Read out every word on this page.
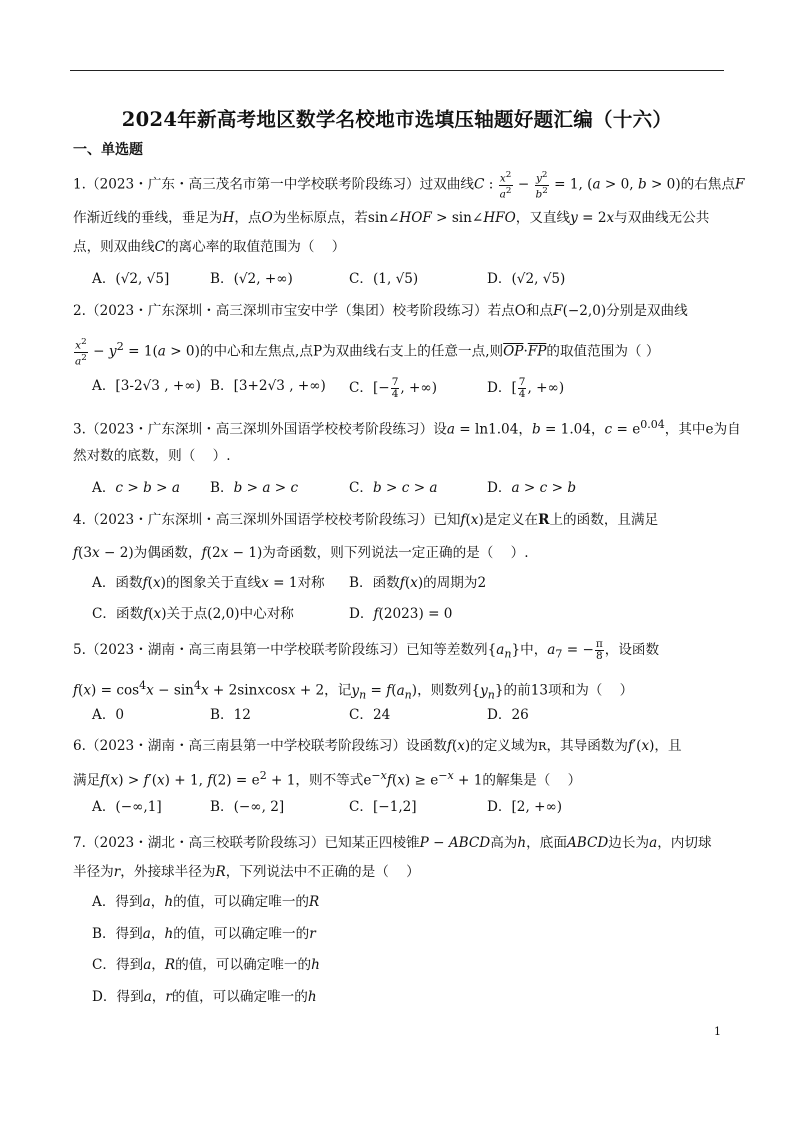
2024年新高考地区数学名校地市选填压轴题好题汇编（十六）
一、单选题
1.（2023・广东・高三茂名市第一中学校联考阶段练习）过双曲线C : $\frac{x^2}{a^2} - \frac{y^2}{b^2} = 1$, (a > 0, b > 0)的右焦点F
作渐近线的垂线，垂足为H，点O为坐标原点，若sin∠HOF > sin∠HFO，又直线y = 2x与双曲线无公共
点，则双曲线C的离心率的取值范围为（    ）
A．(√2, √5]	B．(√2, +∞)	C．(1, √5)	D．(√2, √5)
2.（2023・广东深圳・高三深圳市宝安中学（集团）校考阶段练习）若点O和点F(−2,0)分别是双曲线
$\frac{x^2}{a^2} - y^2 = 1(a > 0)$的中心和左焦点,点P为双曲线右支上的任意一点,则$\overline{OP}\cdot\overline{FP}$的取值范围为（ ）
A．[3-2√3 , +∞) B．[3+2√3 , +∞) C．[− $\frac{7}{4}$ , +∞)	D．[ $\frac{7}{4}$ , +∞)
3.（2023・广东深圳・高三深圳外国语学校校考阶段练习）设a = ln1.04，b = 1.04，$c = e^{0.04}$，其中e为自
然对数的底数，则（    ）.
A．c > b > a B．b > a > c	C．b > c > a	D．a > c > b
4.（2023・广东深圳・高三深圳外国语学校校考阶段练习）已知f(x)是定义在R上的函数，且满足
f(3x − 2)为偶函数，f(2x − 1)为奇函数，则下列说法一定正确的是（    ）.
A．函数f(x)的图象关于直线x = 1对称 B．函数f(x)的周期为2
C．函数f(x)关于点(2,0)中心对称	D．f(2023) = 0
5.（2023・湖南・高三南县第一中学校联考阶段练习）已知等差数列$\{a_n\}$中，$a_7$ = − $\frac{\pi}{8}$ ，设函数
$f(x) = \cos^4x - \sin^4x$ + 2sinxcosx + 2，记$y_n = f(a_n)$，则数列$\{y_n\}$的前13项和为（    ）
A．0	B．12	C．24	D．26
6.（2023・湖南・高三南县第一中学校联考阶段练习）设函数f(x)的定义域为R，其导函数为f′(x)，且
满足f(x) > f′(x) + 1, $f(2) = e^2 + 1$，则不等式$e^{-x}f(x) \ge e^{-x} + 1$的解集是（    ）
A．(−∞,1]	B．(−∞, 2]	C．[−1,2]	D．[2, +∞)
7.（2023・湖北・高三校联考阶段练习）已知某正四棱锥P − ABCD高为h，底面ABCD边长为a，内切球
半径为r，外接球半径为R，下列说法中不正确的是（    ）
A．得到a，h的值，可以确定唯一的R
B．得到a，h的值，可以确定唯一的r
C．得到a，R的值，可以确定唯一的h
D．得到a，r的值，可以确定唯一的h
1
